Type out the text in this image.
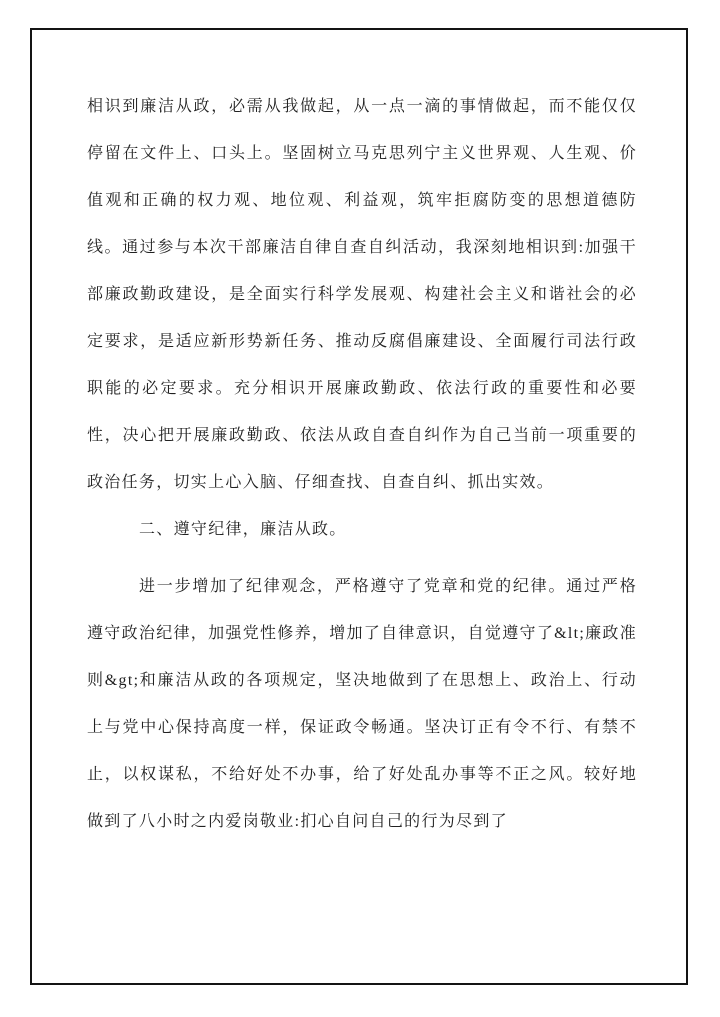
相识到廉洁从政，必需从我做起，从一点一滴的事情做起，而不能仅仅停留在文件上、口头上。坚固树立马克思列宁主义世界观、人生观、价值观和正确的权力观、地位观、利益观，筑牢拒腐防变的思想道德防线。通过参与本次干部廉洁自律自查自纠活动，我深刻地相识到:加强干部廉政勤政建设，是全面实行科学发展观、构建社会主义和谐社会的必定要求，是适应新形势新任务、推动反腐倡廉建设、全面履行司法行政职能的必定要求。充分相识开展廉政勤政、依法行政的重要性和必要性，决心把开展廉政勤政、依法从政自查自纠作为自己当前一项重要的政治任务，切实上心入脑、仔细查找、自查自纠、抓出实效。

二、遵守纪律，廉洁从政。

进一步增加了纪律观念，严格遵守了党章和党的纪律。通过严格遵守政治纪律，加强党性修养，增加了自律意识，自觉遵守了&lt;廉政准则&gt;和廉洁从政的各项规定，坚决地做到了在思想上、政治上、行动上与党中心保持高度一样，保证政令畅通。坚决订正有令不行、有禁不止，以权谋私，不给好处不办事，给了好处乱办事等不正之风。较好地做到了八小时之内爱岗敬业:扪心自问自己的行为尽到了
